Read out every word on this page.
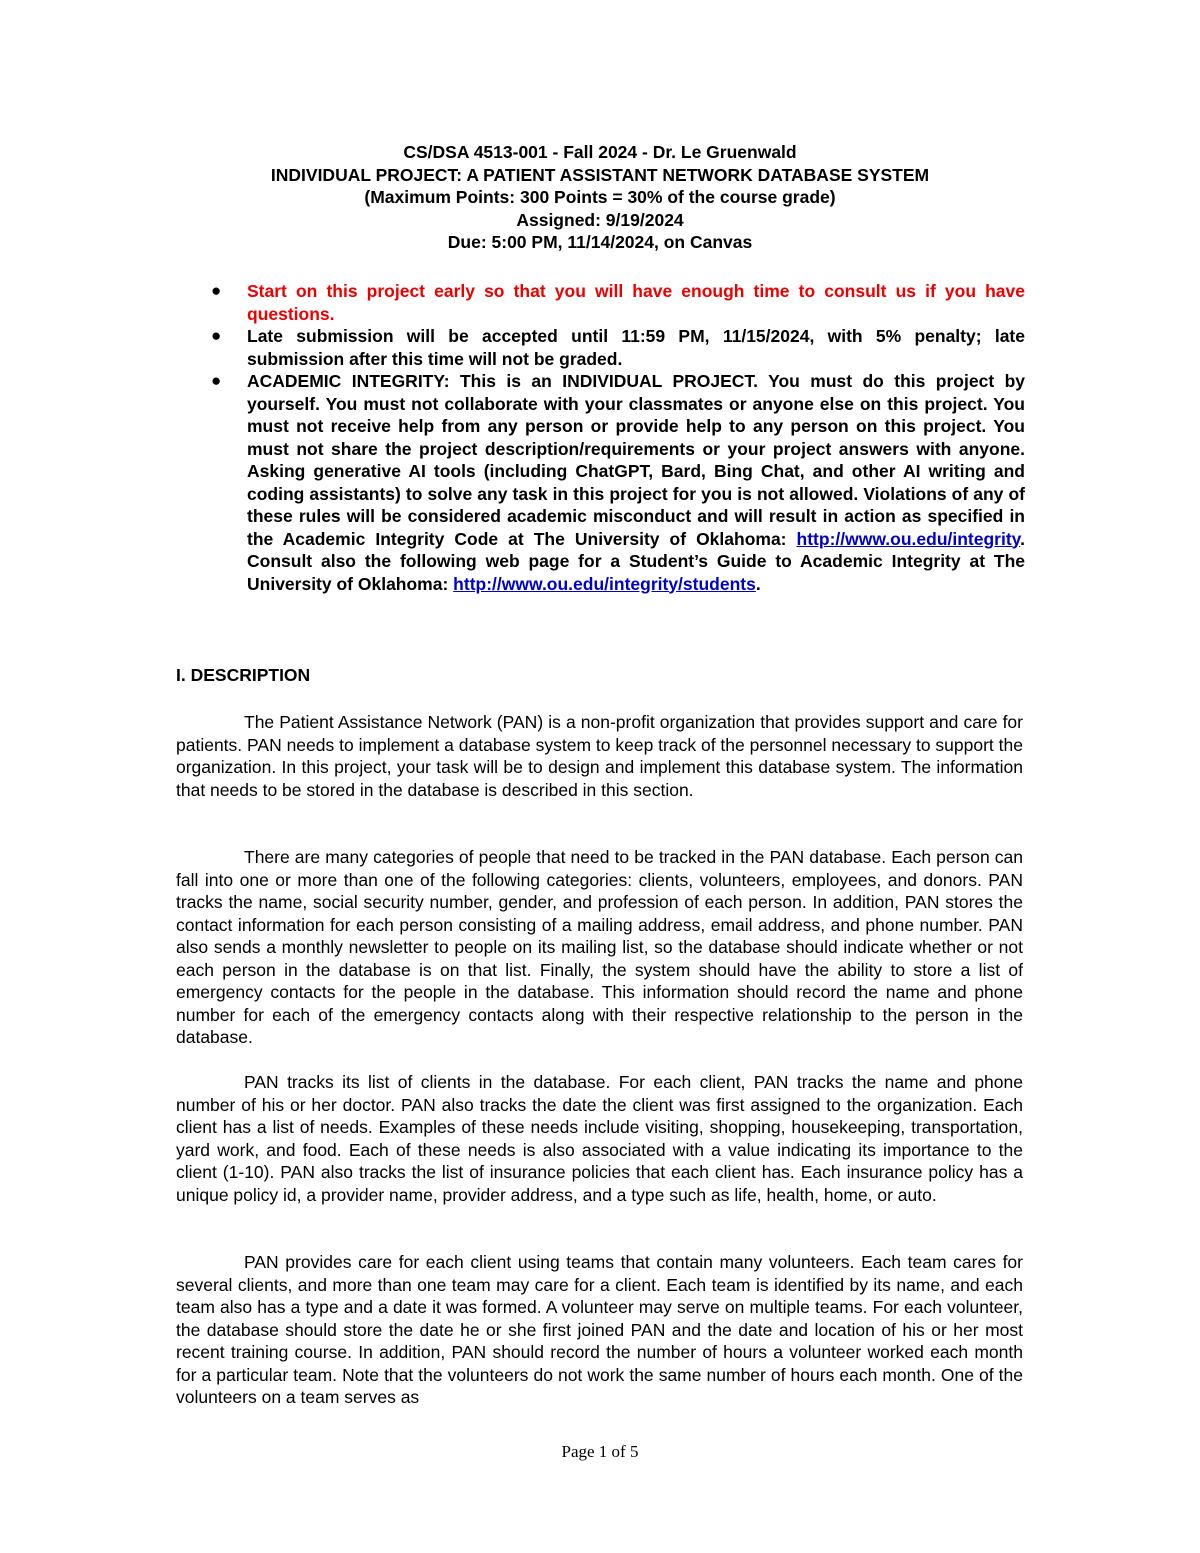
CS/DSA 4513-001 - Fall 2024 - Dr. Le Gruenwald
INDIVIDUAL PROJECT: A PATIENT ASSISTANT NETWORK DATABASE SYSTEM
(Maximum Points: 300 Points = 30% of the course grade)
Assigned: 9/19/2024
Due: 5:00 PM, 11/14/2024, on Canvas
● Start on this project early so that you will have enough time to consult us if you have questions.
● Late submission will be accepted until 11:59 PM, 11/15/2024, with 5% penalty; late submission after this time will not be graded.
● ACADEMIC INTEGRITY: This is an INDIVIDUAL PROJECT. You must do this project by yourself. You must not collaborate with your classmates or anyone else on this project. You must not receive help from any person or provide help to any person on this project. You must not share the project description/requirements or your project answers with anyone. Asking generative AI tools (including ChatGPT, Bard, Bing Chat, and other AI writing and coding assistants) to solve any task in this project for you is not allowed. Violations of any of these rules will be considered academic misconduct and will result in action as specified in the Academic Integrity Code at The University of Oklahoma: http://www.ou.edu/integrity. Consult also the following web page for a Student’s Guide to Academic Integrity at The University of Oklahoma: http://www.ou.edu/integrity/students.
I. DESCRIPTION

The Patient Assistance Network (PAN) is a non-profit organization that provides support and care for patients. PAN needs to implement a database system to keep track of the personnel necessary to support the organization. In this project, your task will be to design and implement this database system. The information that needs to be stored in the database is described in this section.

There are many categories of people that need to be tracked in the PAN database. Each person can fall into one or more than one of the following categories: clients, volunteers, employees, and donors. PAN tracks the name, social security number, gender, and profession of each person. In addition, PAN stores the contact information for each person consisting of a mailing address, email address, and phone number. PAN also sends a monthly newsletter to people on its mailing list, so the database should indicate whether or not each person in the database is on that list. Finally, the system should have the ability to store a list of emergency contacts for the people in the database. This information should record the name and phone number for each of the emergency contacts along with their respective relationship to the person in the database.

PAN tracks its list of clients in the database. For each client, PAN tracks the name and phone number of his or her doctor. PAN also tracks the date the client was first assigned to the organization. Each client has a list of needs. Examples of these needs include visiting, shopping, housekeeping, transportation, yard work, and food. Each of these needs is also associated with a value indicating its importance to the client (1-10). PAN also tracks the list of insurance policies that each client has. Each insurance policy has a unique policy id, a provider name, provider address, and a type such as life, health, home, or auto.

PAN provides care for each client using teams that contain many volunteers. Each team cares for several clients, and more than one team may care for a client. Each team is identified by its name, and each team also has a type and a date it was formed. A volunteer may serve on multiple teams. For each volunteer, the database should store the date he or she first joined PAN and the date and location of his or her most recent training course. In addition, PAN should record the number of hours a volunteer worked each month for a particular team. Note that the volunteers do not work the same number of hours each month. One of the volunteers on a team serves as

Page 1 of 5
